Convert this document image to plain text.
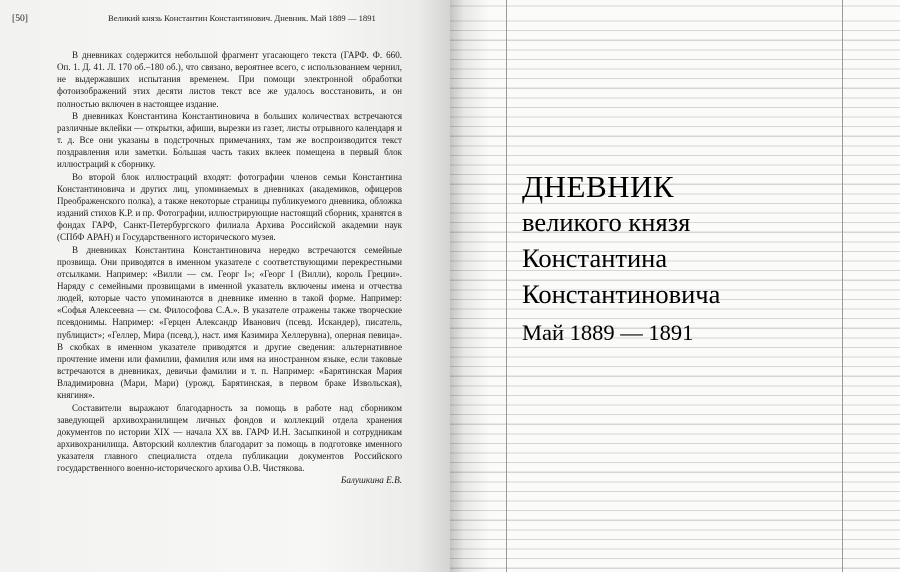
[50]	Великий князь Константин Константинович. Дневник. Май 1889 — 1891

В дневниках содержится небольшой фрагмент угасающего текста (ГАРФ. Ф. 660. Оп. 1. Д. 41. Л. 170 об.–180 об.), что связано, вероятнее всего, с использованием чернил, не выдержавших испытания временем. При помощи электронной обработки фотоизображений этих десяти листов текст все же удалось восстановить, и он полностью включен в настоящее издание.

В дневниках Константина Константиновича в больших количествах встречаются различные вклейки — открытки, афиши, вырезки из газет, листы отрывного календаря и т. д. Все они указаны в подстрочных примечаниях, там же воспроизводится текст поздравления или заметки. Бо́льшая часть таких вклеек помещена в первый блок иллюстраций к сборнику.

Во второй блок иллюстраций входят: фотографии членов семьи Константина Константиновича и других лиц, упоминаемых в дневниках (академиков, офицеров Преображенского полка), а также некоторые страницы публикуемого дневника, обложка изданий стихов К.Р. и пр. Фотографии, иллюстрирующие настоящий сборник, хранятся в фондах ГАРФ, Санкт-Петербургского филиала Архива Российской академии наук (СПбФ АРАН) и Государственного исторического музея.

В дневниках Константина Константиновича нередко встречаются семейные прозвища. Они приводятся в именном указателе с соответствующими перекрестными отсылками. Например: «Вилли — см. Георг I»; «Георг I (Вилли), король Греции». Наряду с семейными прозвищами в именной указатель включены имена и отчества людей, которые часто упоминаются в дневнике именно в такой форме. Например: «Софья Алексеевна — см. Философова С.А.». В указателе отражены также творческие псевдонимы. Например: «Герцен Александр Иванович (псевд. Искандер), писатель, публицист»; «Геллер, Мира (псевд.), наст. имя Казимира Хеллерувна), оперная певица». В скобках в именном указателе приводятся и другие сведения: альтернативное прочтение имени или фамилии, фамилия или имя на иностранном языке, если таковые встречаются в дневниках, девичьи фамилии и т. п. Например: «Барятинская Мария Владимировна (Мари, Мари) (урожд. Барятинская, в первом браке Извольская), княгиня».

Составители выражают благодарность за помощь в работе над сборником заведующей архивохранилищем личных фондов и коллекций отдела хранения документов по истории XIX — начала XX вв. ГАРФ И.Н. Засыпкиной и сотрудникам архивохранилища. Авторский коллектив благодарит за помощь в подготовке именного указателя главного специалиста отдела публикации документов Российского государственного военно-исторического архива О.В. Чистякова.

Балушкина Е.В.
ДНЕВНИК
великого князя
Константина
Константиновича
Май 1889 — 1891
